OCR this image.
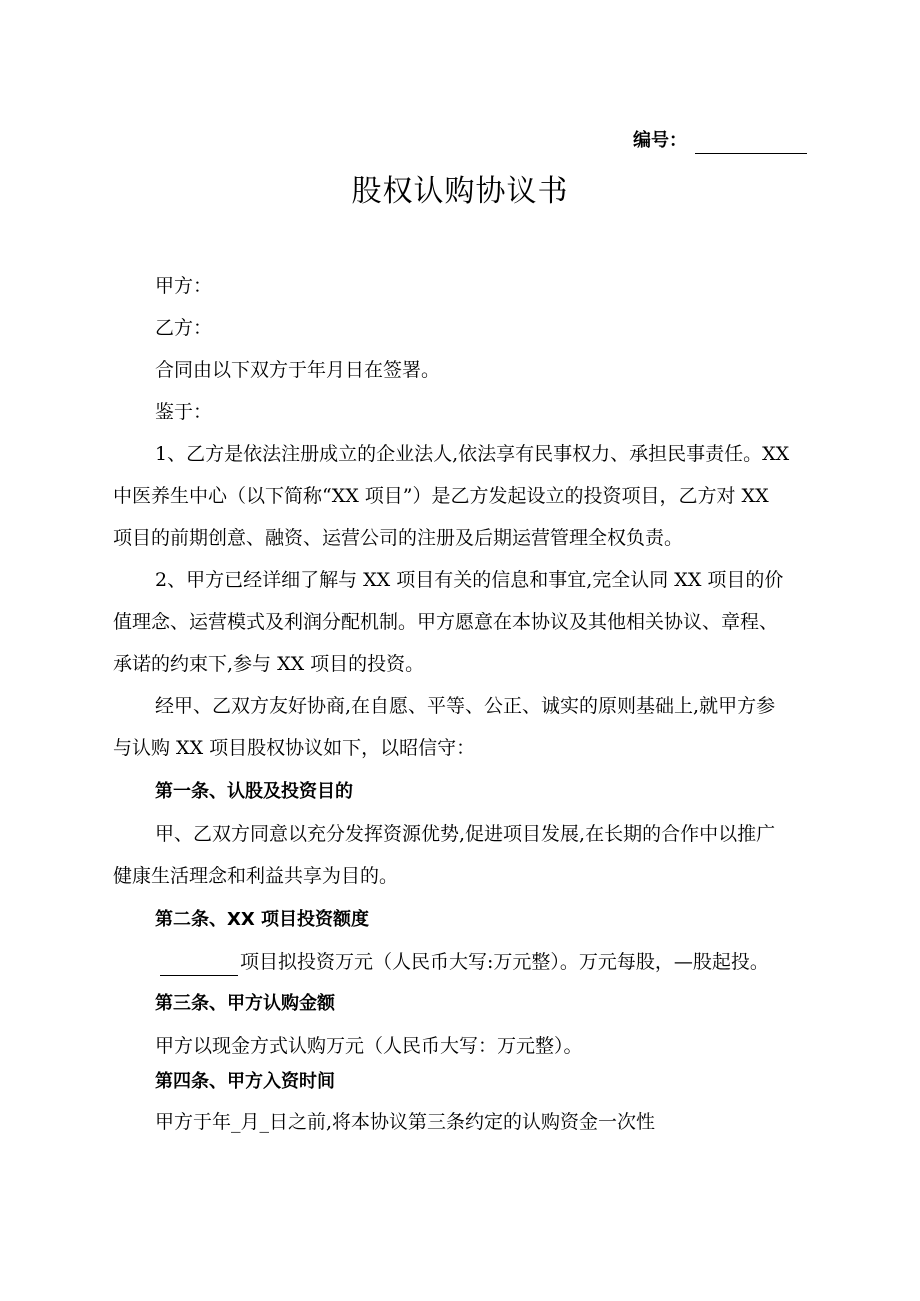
编号：
股权认购协议书
甲方：
乙方：
合同由以下双方于年月日在签署。
鉴于：
1、乙方是依法注册成立的企业法人,依法享有民事权力、承担民事责任。XX
中医养生中心（以下简称“XX 项目”）是乙方发起设立的投资项目，乙方对 XX
项目的前期创意、融资、运营公司的注册及后期运营管理全权负责。
2、甲方已经详细了解与 XX 项目有关的信息和事宜,完全认同 XX 项目的价
值理念、运营模式及利润分配机制。甲方愿意在本协议及其他相关协议、章程、
承诺的约束下,参与 XX 项目的投资。
经甲、乙双方友好协商,在自愿、平等、公正、诚实的原则基础上,就甲方参
与认购 XX 项目股权协议如下，以昭信守：
第一条、认股及投资目的
甲、乙双方同意以充分发挥资源优势,促进项目发展,在长期的合作中以推广
健康生活理念和利益共享为目的。
第二条、XX 项目投资额度
项目拟投资万元（人民币大写:万元整）。万元每股，—股起投。
第三条、甲方认购金额
甲方以现金方式认购万元（人民币大写：万元整）。
第四条、甲方入资时间
甲方于年_月_日之前,将本协议第三条约定的认购资金一次性
